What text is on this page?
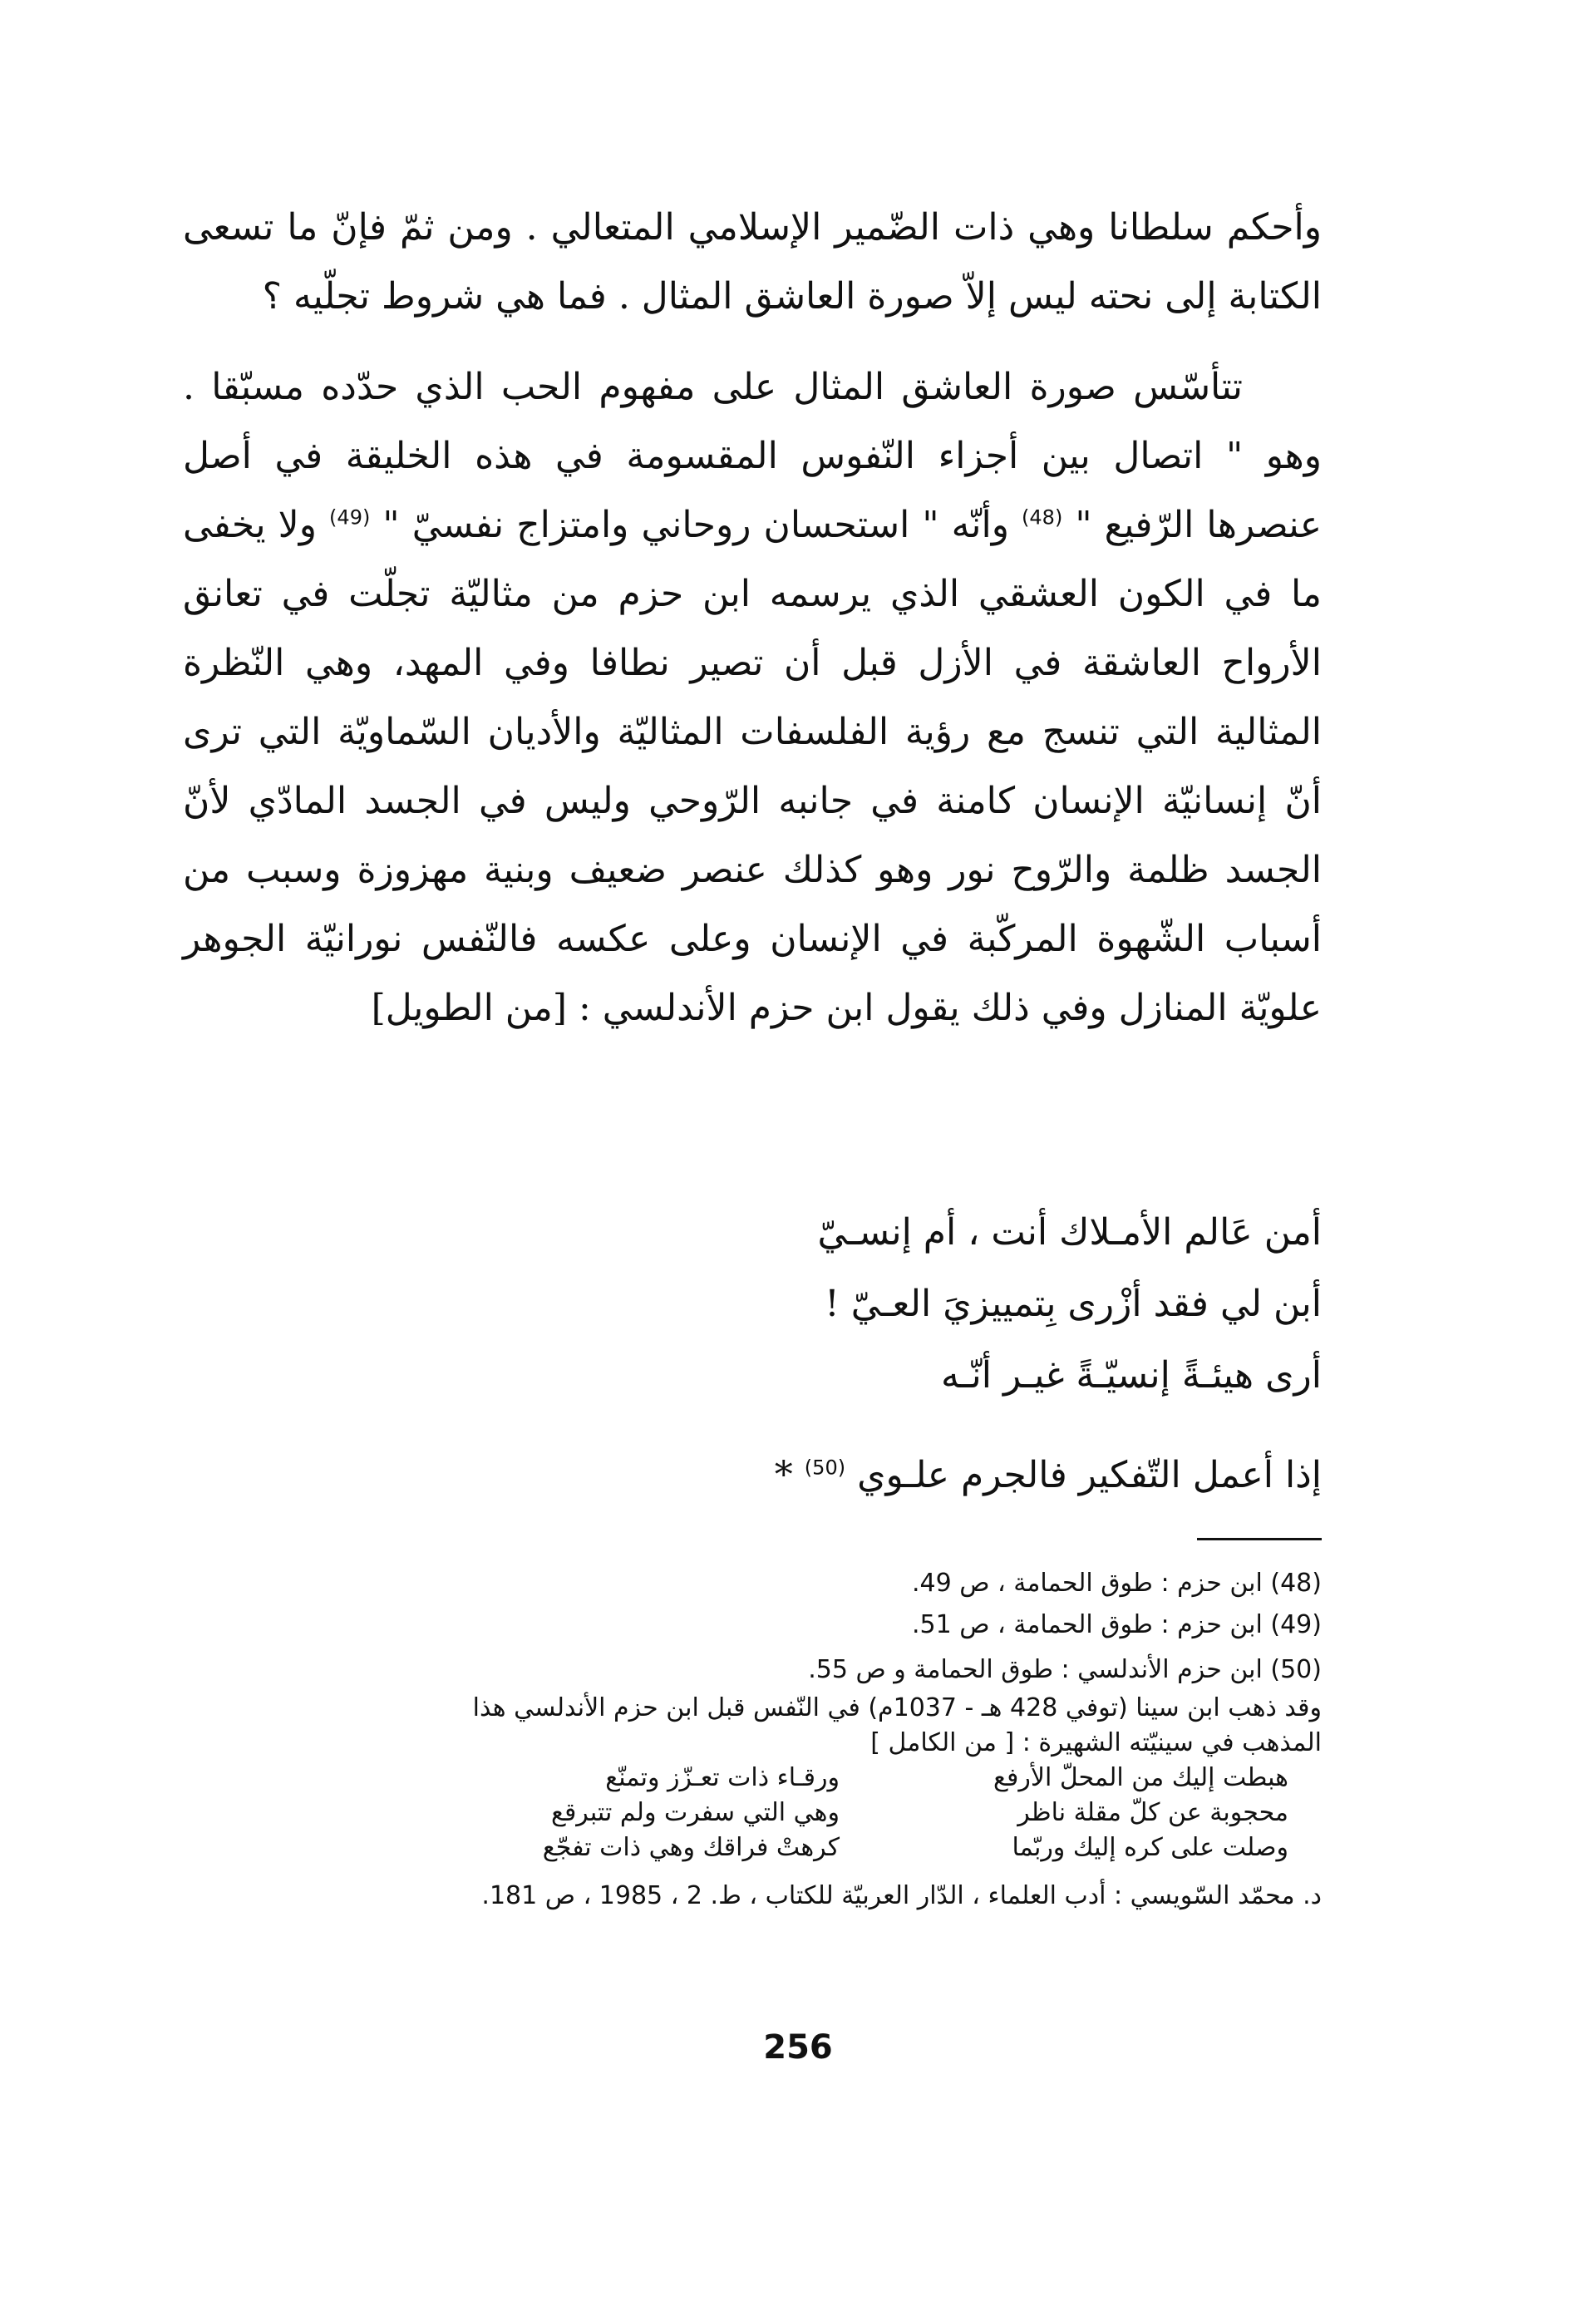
وأحكم سلطانا وهي ذات الضّمير الإسلامي المتعالي . ومن ثمّ فإنّ ما تسعى الكتابة إلى نحته ليس إلاّ صورة العاشق المثال . فما هي شروط تجلّيه ؟

تتأسّس صورة العاشق المثال على مفهوم الحب الذي حدّده مسبّقا . وهو " اتصال بين أجزاء النّفوس المقسومة في هذه الخليقة في أصل عنصرها الرّفيع " $^{(48)}$ وأنّه " استحسان روحاني وامتزاج نفسيّ " $^{(49)}$ ولا يخفى ما في الكون العشقي الذي يرسمه ابن حزم من مثاليّة تجلّت في تعانق الأرواح العاشقة في الأزل قبل أن تصير نطافا وفي المهد، وهي النّظرة المثالية التي تنسج مع رؤية الفلسفات المثاليّة والأديان السّماويّة التي ترى أنّ إنسانيّة الإنسان كامنة في جانبه الرّوحي وليس في الجسد المادّي لأنّ الجسد ظلمة والرّوح نور وهو كذلك عنصر ضعيف وبنية مهزوزة وسبب من أسباب الشّهوة المركّبة في الإنسان وعلى عكسه فالنّفس نورانيّة الجوهر علويّة المنازل وفي ذلك يقول ابن حزم الأندلسي : [من الطويل]

أمن عَالم الأمـلاك أنت ، أم إنسـيّ
أبن لي فقد أزْرى بِتمييزيَ العـيّ !
أرى هيئـةً إنسيّـةً غيـر أنّـه
إذا أعمل التّفكير فالجرم علـوي $^{(50)}$ *
(48) ابن حزم : طوق الحمامة ، ص 49.
(49) ابن حزم : طوق الحمامة ، ص 51.
(50) ابن حزم الأندلسي : طوق الحمامة و ص 55.
وقد ذهب ابن سينا (توفي 428 هـ - 1037م) في النّفس قبل ابن حزم الأندلسي هذا
المذهب في سينيّته الشهيرة : [ من الكامل ]
هبطت إليك من المحلّ الأرفع
ورقـاء ذات تعـزّز وتمنّع
محجوبة عن كلّ مقلة ناظر
وهي التي سفرت ولم تتبرقع
وصلت على كره إليك وربّما
كرهتْ فراقك وهي ذات تفجّع
د. محمّد السّويسي : أدب العلماء ، الدّار العربيّة للكتاب ، ط. 2 ، 1985 ، ص 181.
256
